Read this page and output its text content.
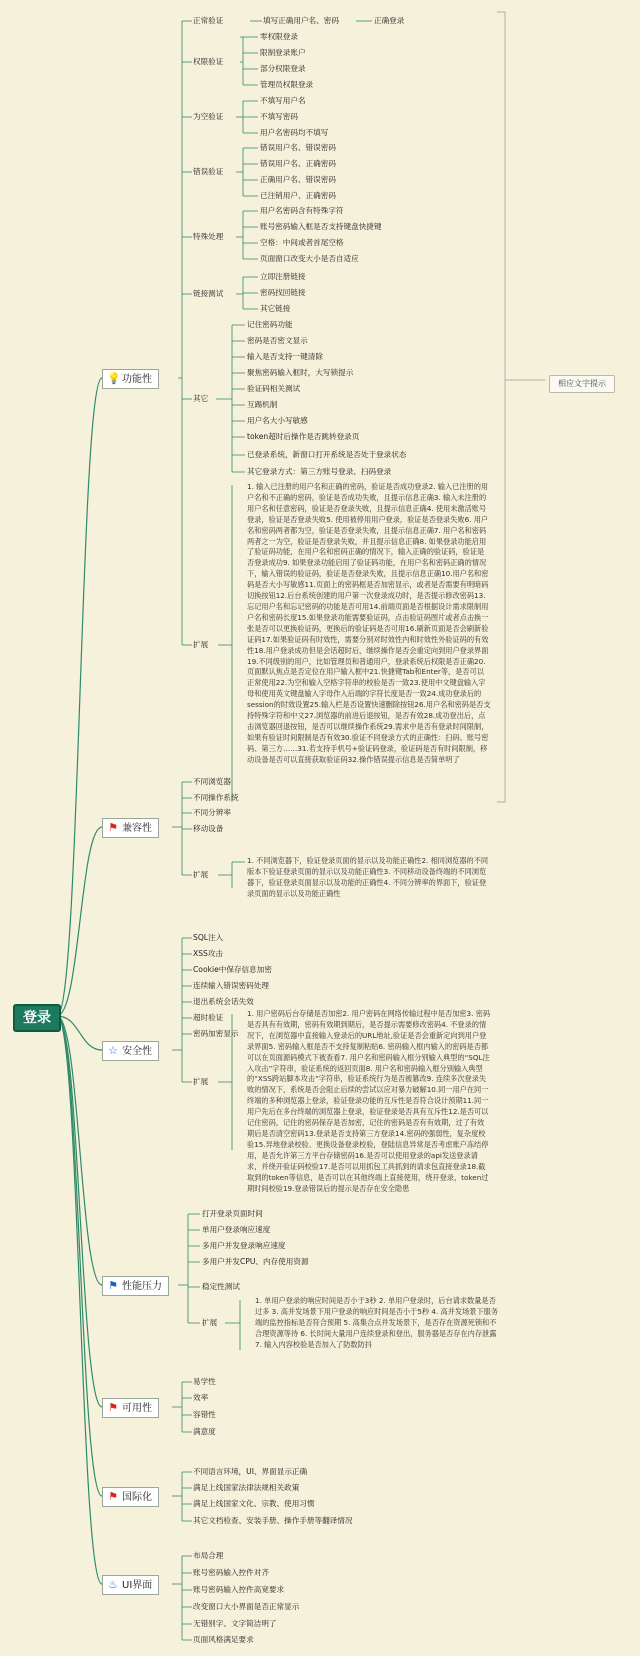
登录
相应文字提示
💡功能性
正常验证	填写正确用户名、密码	正确登录
权限验证
零权限登录
限制登录账户
部分权限登录
管理员权限登录
为空验证
不填写用户名
不填写密码
用户名密码均不填写
错误验证
错误用户名、错误密码
错误用户名、正确密码
正确用户名、错误密码
已注销用户、正确密码
特殊处理
用户名密码含有特殊字符
账号密码输入框是否支持键盘快捷键
空格：中间或者首尾空格
页面窗口改变大小是否自适应
链接测试
立即注册链接
密码找回链接
其它链接
其它
记住密码功能
密码是否密文显示
输入是否支持一键清除
聚焦密码输入框时，大写锁提示
验证码相关测试
互踢机制
用户名大小写敏感
token超时后操作是否跳转登录页
已登录系统，新窗口打开系统是否处于登录状态
其它登录方式：第三方账号登录、扫码登录
扩展
1. 输入已注册的用户名和正确的密码，验证是否成功登录2. 输入已注册的用户名和不正确的密码，验证是否成功失败，且提示信息正确3. 输入未注册的用户名和任意密码，验证是否登录失败，且提示信息正确4. 使用未激活账号登录，验证是否登录失败5. 使用被停用用户登录，验证是否登录失败6. 用户名和密码两者都为空，验证是否登录失败，且提示信息正确7. 用户名和密码两者之一为空，验证是否登录失败，并且提示信息正确8. 如果登录功能启用了验证码功能，在用户名和密码正确的情况下，输入正确的验证码，验证是否登录成功9. 如果登录功能启用了验证码功能，在用户名和密码正确的情况下，输入错误的验证码，验证是否登录失败，且提示信息正确10.用户名和密码是否大小写敏感11.页面上的密码框是否加密显示，或者是否需要有明暗码切换按钮12.后台系统创建的用户第一次登录成功时，是否提示修改密码13.忘记用户名和忘记密码的功能是否可用14.前端页面是否根据设计需求限制用户名和密码长度15.如果登录功能需要验证码，点击验证码图片或者点击换一张是否可以更换验证码，更换后的验证码是否可用16.刷新页面是否会刷新验证码17.如果验证码有时效性，需要分别对时效性内和时效性外验证码的有效性18.用户登录成功但是会话超时后，继续操作是否会重定向到用户登录界面19.不同级别的用户，比如管理员和普通用户，登录系统后权限是否正确20.页面默认焦点是否定位在用户输入框中21.快捷键Tab和Enter等，是否可以正常使用22.为空和输入空格字符串的校验是否一致23.使用中文键盘输入字母和使用英文键盘输入字母作入后端的字符长度是否一致24.成功登录后的session的时效设置25.输入栏是否设置快速删除按钮26.用户名和密码是否支持特殊字符和中文27.浏览器的前进后退按钮，是否有效28.成功登出后，点击浏览器回退按钮，是否可以继续操作系统29.需求中是否有登录时间限制，如果有验证时间限制是否有效30.验证不同登录方式的正确性：扫码、账号密码、第三方……31.若支持手机号+验证码登录，验证码是否有时间限制，移动设备是否可以直接获取验证码32.操作错误提示信息是否简单明了
⚑ 兼容性
不同浏览器
不同操作系统
不同分辨率
移动设备
扩展
1. 不同浏览器下，验证登录页面的显示以及功能正确性2. 相同浏览器的不同版本下验证登录页面的显示以及功能正确性3. 不同移动设备终端的不同浏览器下，验证登录页面显示以及功能的正确性4. 不同分辨率的界面下，验证登录页面的显示以及功能正确性
☆ 安全性
SQL注入
XSS攻击
Cookie中保存信息加密
连续输入错误密码处理
退出系统会话失效
超时验证
密码加密显示
扩展
1. 用户密码后台存储是否加密2. 用户密码在网络传输过程中是否加密3. 密码是否具有有效期，密码有效期到期后，是否提示需要修改密码4. 不登录的情况下，在浏览器中直接输入登录后的URL地址,验证是否会重新定向到用户登录界面5. 密码输入框是否不支持复制粘贴6. 密码输入框内输入的密码是否都可以在页面源码模式下被查看7. 用户名和密码输入框分别输入典型的“SQL注入攻击”字符串，验证系统的返回页面8. 用户名和密码输入框分别输入典型的“XSS跨站脚本攻击”字符串，验证系统行为是否被篡改9. 连续多次登录失败的情况下，系统是否会阻止后续的尝试以应对暴力破解10.同一用户在同一终端的多种浏览器上登录，验证登录功能的互斥性是否符合设计预期11.同一用户先后在多台终端的浏览器上登录，验证登录是否具有互斥性12.是否可以记住密码，记住的密码保存是否加密，记住的密码是否有有效期，过了有效期后是否清空密码13.登录是否支持第三方登录14.密码的强弱性，复杂度校验15.异地登录校验、更换设备登录校验，登陆信息异常是否考虑账户冻结停用，是否允许第三方平台存储密码16.是否可以使用登录的api发送登录请求，并绕开验证码校验17.是否可以用抓包工具抓到的请求包直接登录18.截取到的token等信息，是否可以在其他终端上直接使用，绕开登录，token过期时间校验19.登录错误后的提示是否存在安全隐患
⚑ 性能压力
打开登录页面时间
单用户登录响应速度
多用户并发登录响应速度
多用户并发CPU、内存使用资源
稳定性测试
扩展
1. 单用户登录的响应时间是否小于3秒 2. 单用户登录时，后台请求数量是否过多 3. 高并发场景下用户登录的响应时间是否小于5秒 4. 高并发场景下服务端的监控指标是否符合预期 5. 高集合点并发场景下，是否存在资源死锁和不合理资源等待 6. 长时间大量用户连续登录和登出，服务器是否存在内存泄露 7. 输入内容校验是否加入了防数防抖
⚑ 可用性
易学性
效率
容错性
满意度
⚑ 国际化
不同语言环境，UI、界面显示正确
满足上线国家法律法规相关政策
满足上线国家文化、宗教、使用习惯
其它文档检查、安装手册、操作手册等翻译情况
♨ UI界面
布局合理
账号密码输入控件对齐
账号密码输入控件高宽要求
改变窗口大小界面是否正常显示
无错别字、文字简洁明了
页面风格满足要求
